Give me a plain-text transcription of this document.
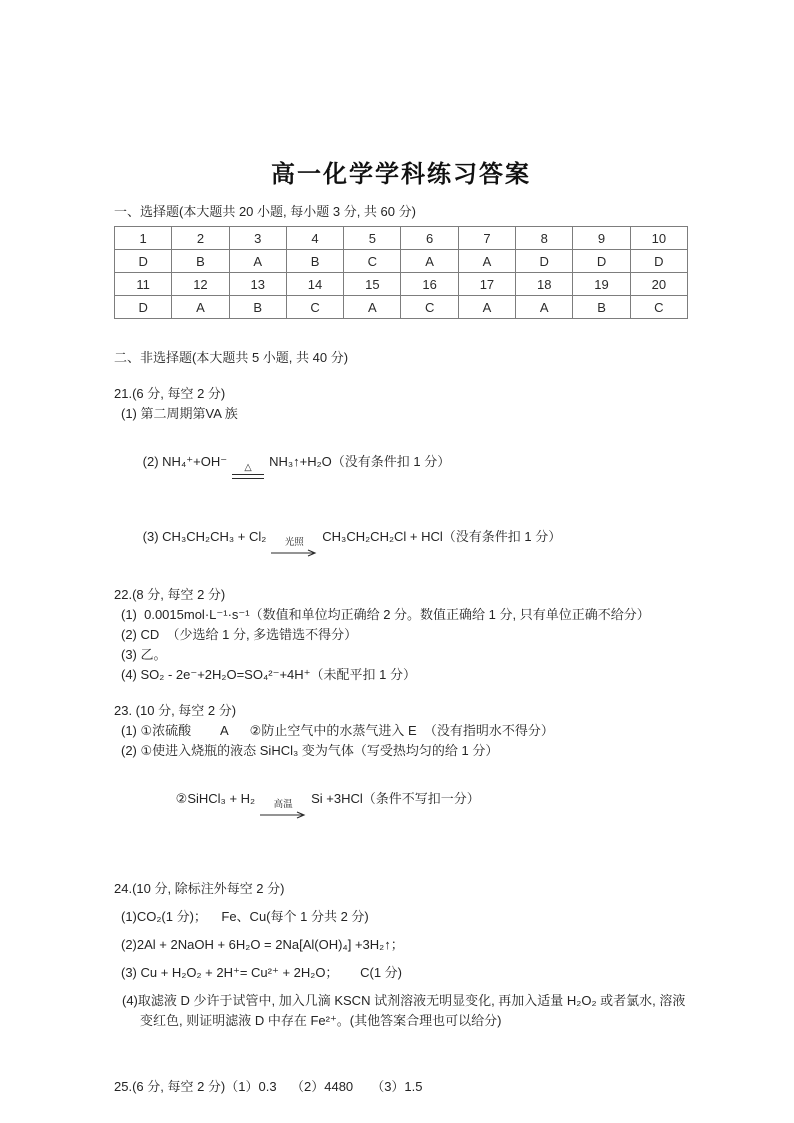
高一化学学科练习答案
一、选择题(本大题共 20 小题, 每小题 3 分, 共 60 分)
1	2	3	4	5	6	7	8	9	10
D	B	A	B	C	A	A	D	D	D
11	12	13	14	15	16	17	18	19	20
D	A	B	C	A	C	A	A	B	C
二、非选择题(本大题共 5 小题, 共 40 分)
21.(6 分, 每空 2 分)
(1) 第二周期第VA 族

(2) NH₄⁺+OH⁻ △ NH₃↑+H₂O（没有条件扣 1 分）

(3) CH₃CH₂CH₃ + Cl₂ 光照 CH₃CH₂CH₂Cl + HCl（没有条件扣 1 分）

22.(8 分, 每空 2 分)
(1)  0.0015mol·L⁻¹·s⁻¹（数值和单位均正确给 2 分。数值正确给 1 分, 只有单位正确不给分）
(2) CD  （少选给 1 分, 多选错选不得分）
(3) 乙。
(4) SO₂ - 2e⁻+2H₂O=SO₄²⁻+4H⁺（未配平扣 1 分）
23. (10 分, 每空 2 分)
(1) ①浓硫酸        A      ②防止空气中的水蒸气进入 E  （没有指明水不得分）
(2) ①使进入烧瓶的液态 SiHCl₃ 变为气体（写受热均匀的给 1 分）

②SiHCl₃ + H₂ 高温 Si +3HCl（条件不写扣一分）

24.(10 分, 除标注外每空 2 分)
(1)CO₂(1 分)；    Fe、Cu(每个 1 分共 2 分)
(2)2Al + 2NaOH + 6H₂O = 2Na[Al(OH)₄] +3H₂↑；
(3) Cu + H₂O₂ + 2H⁺= Cu²⁺ + 2H₂O；      C(1 分)
(4)取滤液 D 少许于试管中, 加入几滴 KSCN 试剂溶液无明显变化, 再加入适量 H₂O₂ 或者氯水, 溶液变红色, 则证明滤液 D 中存在 Fe²⁺。(其他答案合理也可以给分)
25.(6 分, 每空 2 分)（1）0.3    （2）4480     （3）1.5
